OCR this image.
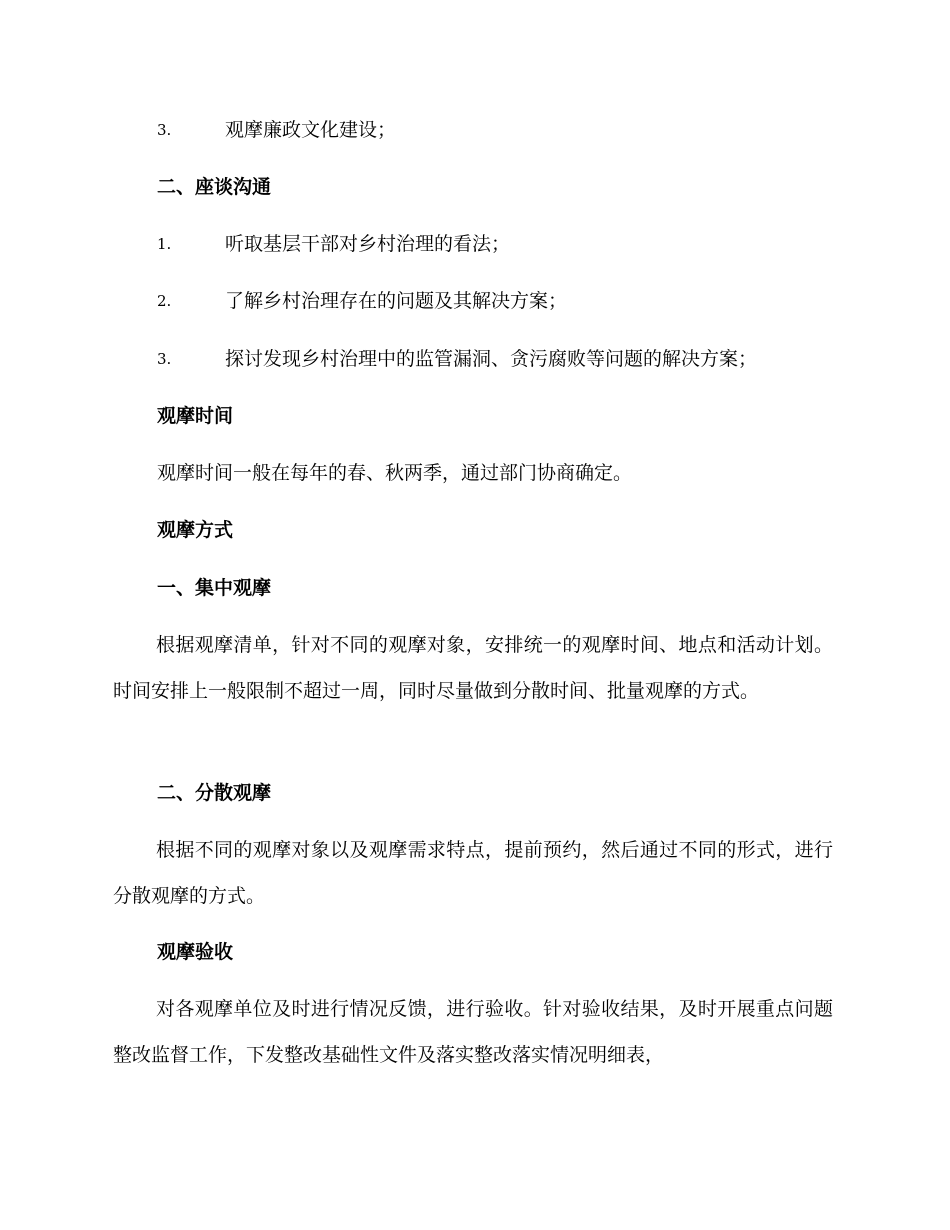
3.	观摩廉政文化建设；
二、座谈沟通
1.	听取基层干部对乡村治理的看法；
2.	了解乡村治理存在的问题及其解决方案；
3.	探讨发现乡村治理中的监管漏洞、贪污腐败等问题的解决方案；
观摩时间
观摩时间一般在每年的春、秋两季，通过部门协商确定。
观摩方式
一、集中观摩
根据观摩清单，针对不同的观摩对象，安排统一的观摩时间、地点和活动计划。时间安排上一般限制不超过一周，同时尽量做到分散时间、批量观摩的方式。
二、分散观摩
根据不同的观摩对象以及观摩需求特点，提前预约，然后通过不同的形式，进行分散观摩的方式。
观摩验收
对各观摩单位及时进行情况反馈，进行验收。针对验收结果，及时开展重点问题整改监督工作，下发整改基础性文件及落实整改落实情况明细表，
